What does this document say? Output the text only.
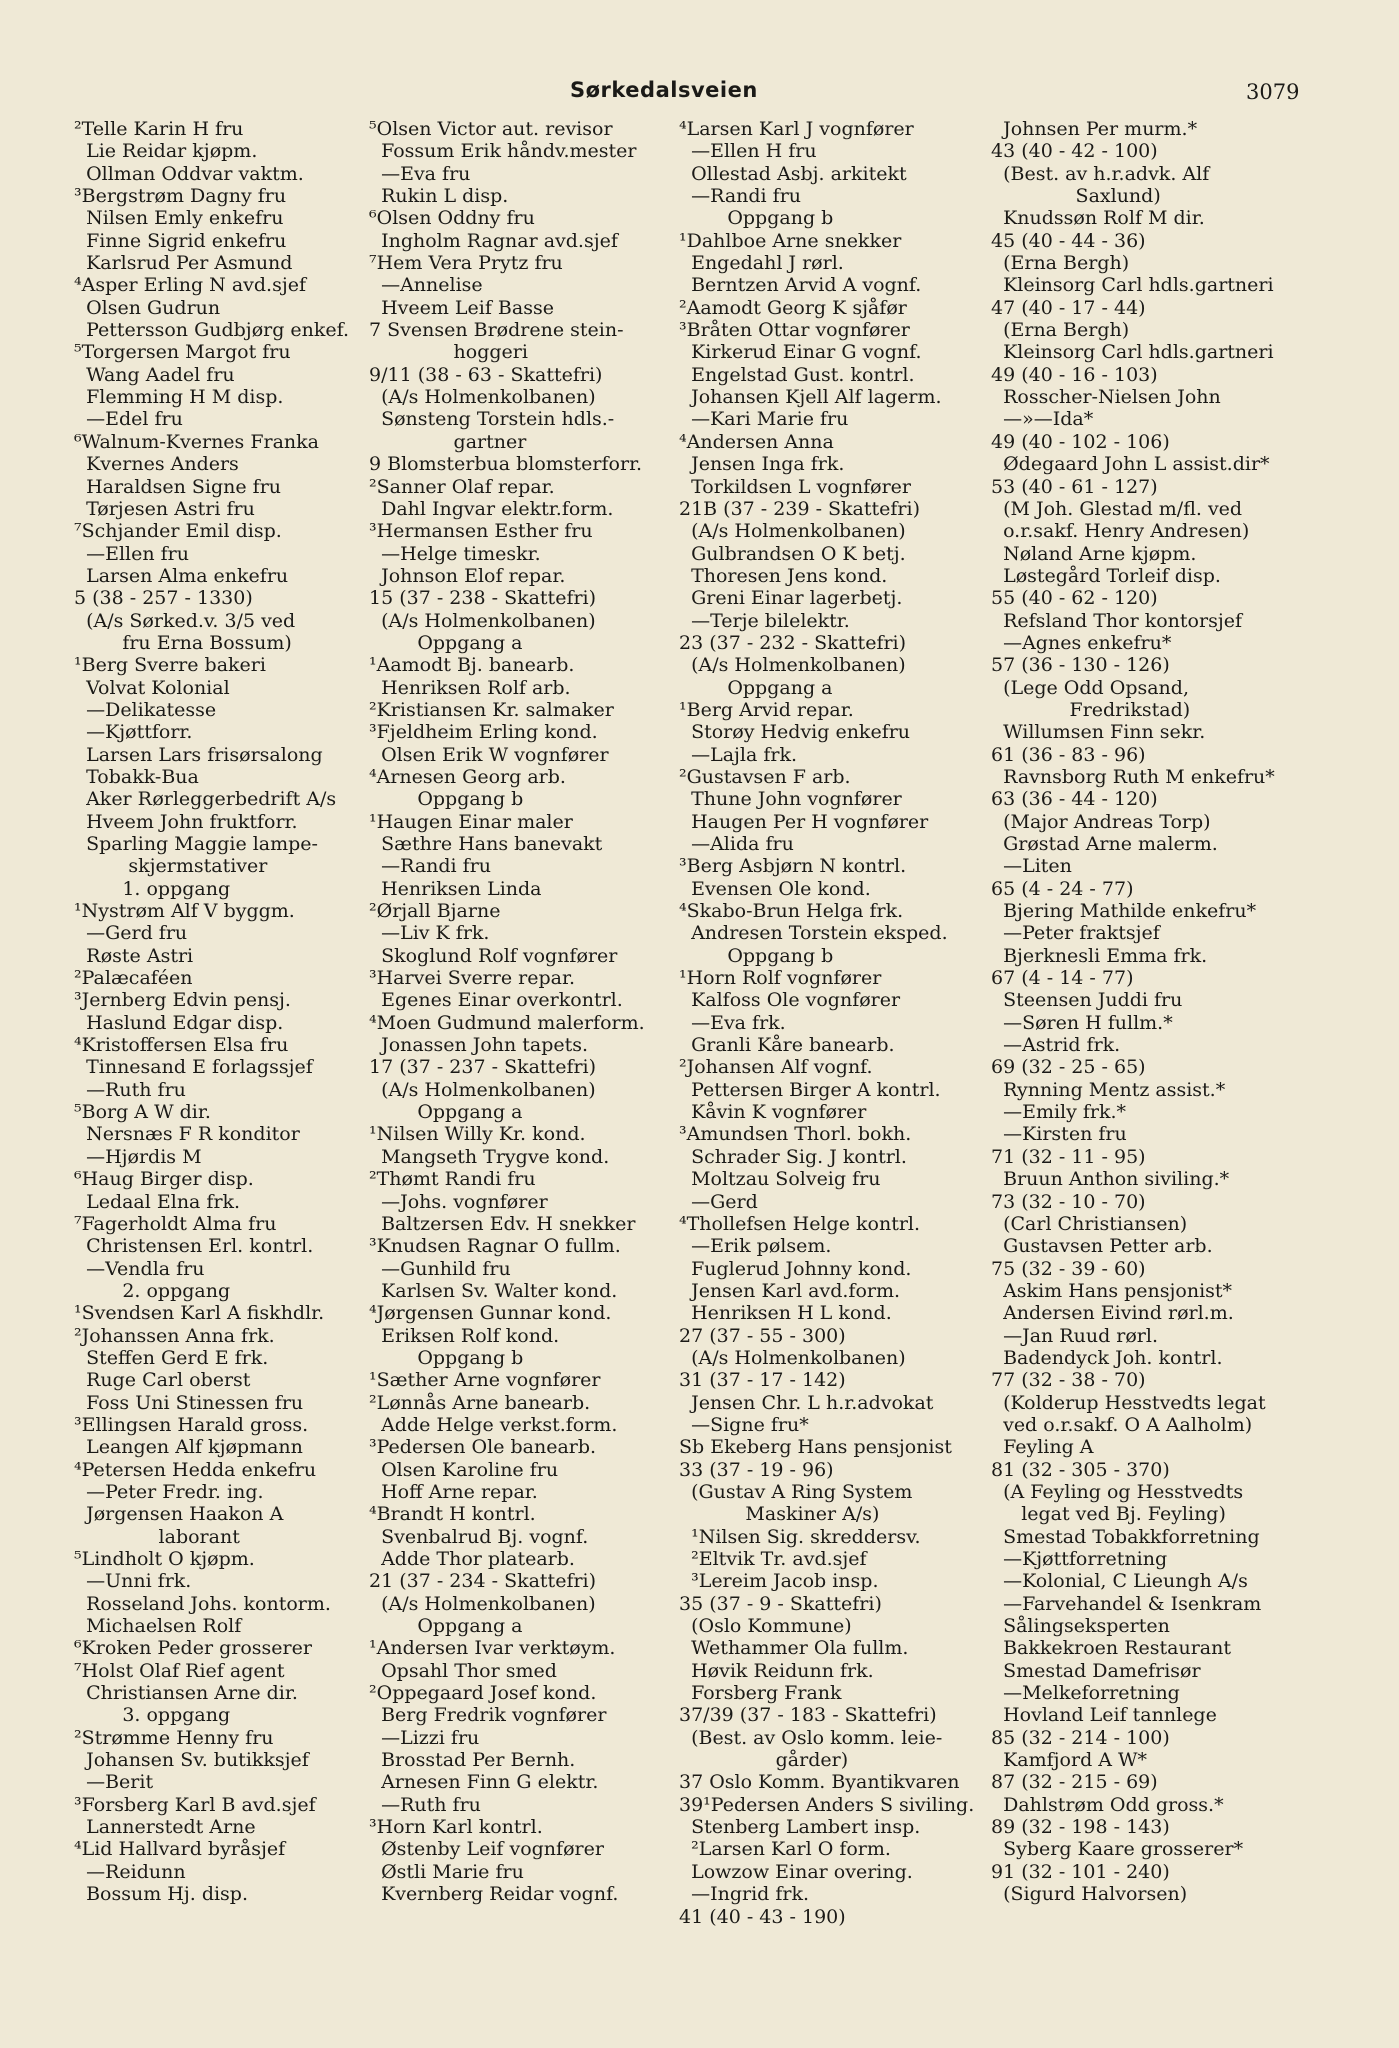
Sørkedalsveien	3079
²Telle Karin H fru
Lie Reidar kjøpm.
Ollman Oddvar vaktm.
³Bergstrøm Dagny fru
Nilsen Emly enkefru
Finne Sigrid enkefru
Karlsrud Per Asmund
⁴Asper Erling N avd.sjef
Olsen Gudrun
Pettersson Gudbjørg enkef.
⁵Torgersen Margot fru
Wang Aadel fru
Flemming H M disp.
—Edel fru
⁶Walnum-Kvernes Franka
Kvernes Anders
Haraldsen Signe fru
Tørjesen Astri fru
⁷Schjander Emil disp.
—Ellen fru
Larsen Alma enkefru
5 (38 - 257 - 1330)
(A/s Sørked.v. 3/5 ved
fru Erna Bossum)
¹Berg Sverre bakeri
Volvat Kolonial
—Delikatesse
—Kjøttforr.
Larsen Lars frisørsalong
Tobakk-Bua
Aker Rørleggerbedrift A/s
Hveem John fruktforr.
Sparling Maggie lampe-
skjermstativer
1. oppgang
¹Nystrøm Alf V byggm.
—Gerd fru
Røste Astri
²Palæcaféen
³Jernberg Edvin pensj.
Haslund Edgar disp.
⁴Kristoffersen Elsa fru
Tinnesand E forlagssjef
—Ruth fru
⁵Borg A W dir.
Nersnæs F R konditor
—Hjørdis M
⁶Haug Birger disp.
Ledaal Elna frk.
⁷Fagerholdt Alma fru
Christensen Erl. kontrl.
—Vendla fru
2. oppgang
¹Svendsen Karl A fiskhdlr.
²Johanssen Anna frk.
Steffen Gerd E frk.
Ruge Carl oberst
Foss Uni Stinessen fru
³Ellingsen Harald gross.
Leangen Alf kjøpmann
⁴Petersen Hedda enkefru
—Peter Fredr. ing.
Jørgensen Haakon A
laborant
⁵Lindholt O kjøpm.
—Unni frk.
Rosseland Johs. kontorm.
Michaelsen Rolf
⁶Kroken Peder grosserer
⁷Holst Olaf Rief agent
Christiansen Arne dir.
3. oppgang
²Strømme Henny fru
Johansen Sv. butikksjef
—Berit
³Forsberg Karl B avd.sjef
Lannerstedt Arne
⁴Lid Hallvard byråsjef
—Reidunn
Bossum Hj. disp.
⁵Olsen Victor aut. revisor
Fossum Erik håndv.mester
—Eva fru
Rukin L disp.
⁶Olsen Oddny fru
Ingholm Ragnar avd.sjef
⁷Hem Vera Prytz fru
—Annelise
Hveem Leif Basse
7 Svensen Brødrene stein-
hoggeri
9/11 (38 - 63 - Skattefri)
(A/s Holmenkolbanen)
Sønsteng Torstein hdls.-
gartner
9 Blomsterbua blomsterforr.
²Sanner Olaf repar.
Dahl Ingvar elektr.form.
³Hermansen Esther fru
—Helge timeskr.
Johnson Elof repar.
15 (37 - 238 - Skattefri)
(A/s Holmenkolbanen)
Oppgang a
¹Aamodt Bj. banearb.
Henriksen Rolf arb.
²Kristiansen Kr. salmaker
³Fjeldheim Erling kond.
Olsen Erik W vognfører
⁴Arnesen Georg arb.
Oppgang b
¹Haugen Einar maler
Sæthre Hans banevakt
—Randi fru
Henriksen Linda
²Ørjall Bjarne
—Liv K frk.
Skoglund Rolf vognfører
³Harvei Sverre repar.
Egenes Einar overkontrl.
⁴Moen Gudmund malerform.
Jonassen John tapets.
17 (37 - 237 - Skattefri)
(A/s Holmenkolbanen)
Oppgang a
¹Nilsen Willy Kr. kond.
Mangseth Trygve kond.
²Thømt Randi fru
—Johs. vognfører
Baltzersen Edv. H snekker
³Knudsen Ragnar O fullm.
—Gunhild fru
Karlsen Sv. Walter kond.
⁴Jørgensen Gunnar kond.
Eriksen Rolf kond.
Oppgang b
¹Sæther Arne vognfører
²Lønnås Arne banearb.
Adde Helge verkst.form.
³Pedersen Ole banearb.
Olsen Karoline fru
Hoff Arne repar.
⁴Brandt H kontrl.
Svenbalrud Bj. vognf.
Adde Thor platearb.
21 (37 - 234 - Skattefri)
(A/s Holmenkolbanen)
Oppgang a
¹Andersen Ivar verktøym.
Opsahl Thor smed
²Oppegaard Josef kond.
Berg Fredrik vognfører
—Lizzi fru
Brosstad Per Bernh.
Arnesen Finn G elektr.
—Ruth fru
³Horn Karl kontrl.
Østenby Leif vognfører
Østli Marie fru
Kvernberg Reidar vognf.
⁴Larsen Karl J vognfører
—Ellen H fru
Ollestad Asbj. arkitekt
—Randi fru
Oppgang b
¹Dahlboe Arne snekker
Engedahl J rørl.
Berntzen Arvid A vognf.
²Aamodt Georg K sjåfør
³Bråten Ottar vognfører
Kirkerud Einar G vognf.
Engelstad Gust. kontrl.
Johansen Kjell Alf lagerm.
—Kari Marie fru
⁴Andersen Anna
Jensen Inga frk.
Torkildsen L vognfører
21B (37 - 239 - Skattefri)
(A/s Holmenkolbanen)
Gulbrandsen O K betj.
Thoresen Jens kond.
Greni Einar lagerbetj.
—Terje bilelektr.
23 (37 - 232 - Skattefri)
(A/s Holmenkolbanen)
Oppgang a
¹Berg Arvid repar.
Storøy Hedvig enkefru
—Lajla frk.
²Gustavsen F arb.
Thune John vognfører
Haugen Per H vognfører
—Alida fru
³Berg Asbjørn N kontrl.
Evensen Ole kond.
⁴Skabo-Brun Helga frk.
Andresen Torstein eksped.
Oppgang b
¹Horn Rolf vognfører
Kalfoss Ole vognfører
—Eva frk.
Granli Kåre banearb.
²Johansen Alf vognf.
Pettersen Birger A kontrl.
Kåvin K vognfører
³Amundsen Thorl. bokh.
Schrader Sig. J kontrl.
Moltzau Solveig fru
—Gerd
⁴Thollefsen Helge kontrl.
—Erik pølsem.
Fuglerud Johnny kond.
Jensen Karl avd.form.
Henriksen H L kond.
27 (37 - 55 - 300)
(A/s Holmenkolbanen)
31 (37 - 17 - 142)
Jensen Chr. L h.r.advokat
—Signe fru*
Sb Ekeberg Hans pensjonist
33 (37 - 19 - 96)
(Gustav A Ring System
Maskiner A/s)
¹Nilsen Sig. skreddersv.
²Eltvik Tr. avd.sjef
³Lereim Jacob insp.
35 (37 - 9 - Skattefri)
(Oslo Kommune)
Wethammer Ola fullm.
Høvik Reidunn frk.
Forsberg Frank
37/39 (37 - 183 - Skattefri)
(Best. av Oslo komm. leie-
gårder)
37 Oslo Komm. Byantikvaren
39¹Pedersen Anders S siviling.
Stenberg Lambert insp.
²Larsen Karl O form.
Lowzow Einar overing.
—Ingrid frk.
41 (40 - 43 - 190)
Johnsen Per murm.*
43 (40 - 42 - 100)
(Best. av h.r.advk. Alf
Saxlund)
Knudssøn Rolf M dir.
45 (40 - 44 - 36)
(Erna Bergh)
Kleinsorg Carl hdls.gartneri
47 (40 - 17 - 44)
(Erna Bergh)
Kleinsorg Carl hdls.gartneri
49 (40 - 16 - 103)
Rosscher-Nielsen John
—»—Ida*
49 (40 - 102 - 106)
Ødegaard John L assist.dir*
53 (40 - 61 - 127)
(M Joh. Glestad m/fl. ved
o.r.sakf. Henry Andresen)
Nøland Arne kjøpm.
Løstegård Torleif disp.
55 (40 - 62 - 120)
Refsland Thor kontorsjef
—Agnes enkefru*
57 (36 - 130 - 126)
(Lege Odd Opsand,
Fredrikstad)
Willumsen Finn sekr.
61 (36 - 83 - 96)
Ravnsborg Ruth M enkefru*
63 (36 - 44 - 120)
(Major Andreas Torp)
Grøstad Arne malerm.
—Liten
65 (4 - 24 - 77)
Bjering Mathilde enkefru*
—Peter fraktsjef
Bjerknesli Emma frk.
67 (4 - 14 - 77)
Steensen Juddi fru
—Søren H fullm.*
—Astrid frk.
69 (32 - 25 - 65)
Rynning Mentz assist.*
—Emily frk.*
—Kirsten fru
71 (32 - 11 - 95)
Bruun Anthon siviling.*
73 (32 - 10 - 70)
(Carl Christiansen)
Gustavsen Petter arb.
75 (32 - 39 - 60)
Askim Hans pensjonist*
Andersen Eivind rørl.m.
—Jan Ruud rørl.
Badendyck Joh. kontrl.
77 (32 - 38 - 70)
(Kolderup Hesstvedts legat
ved o.r.sakf. O A Aalholm)
Feyling A
81 (32 - 305 - 370)
(A Feyling og Hesstvedts
legat ved Bj. Feyling)
Smestad Tobakkforretning
—Kjøttforretning
—Kolonial, C Lieungh A/s
—Farvehandel & Isenkram
Sålingseksperten
Bakkekroen Restaurant
Smestad Damefrisør
—Melkeforretning
Hovland Leif tannlege
85 (32 - 214 - 100)
Kamfjord A W*
87 (32 - 215 - 69)
Dahlstrøm Odd gross.*
89 (32 - 198 - 143)
Syberg Kaare grosserer*
91 (32 - 101 - 240)
(Sigurd Halvorsen)
